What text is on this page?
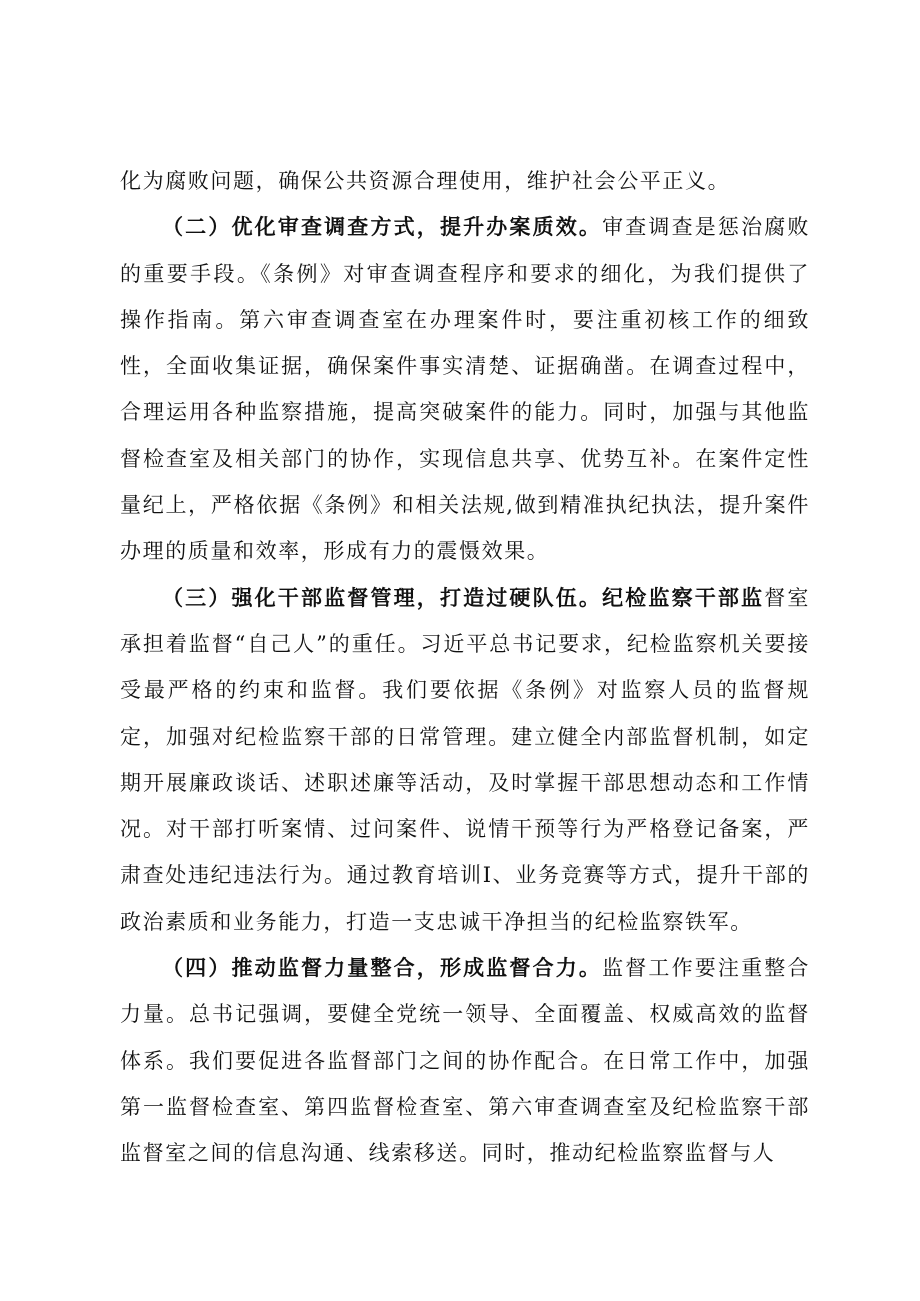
化为腐败问题，确保公共资源合理使用，维护社会公平正义。

（二）优化审查调查方式，提升办案质效。审查调查是惩治腐败的重要手段。《条例》对审查调查程序和要求的细化，为我们提供了操作指南。第六审查调查室在办理案件时，要注重初核工作的细致性，全面收集证据，确保案件事实清楚、证据确凿。在调查过程中，合理运用各种监察措施，提高突破案件的能力。同时，加强与其他监督检查室及相关部门的协作，实现信息共享、优势互补。在案件定性量纪上，严格依据《条例》和相关法规,做到精准执纪执法，提升案件办理的质量和效率，形成有力的震慑效果。

（三）强化干部监督管理，打造过硬队伍。纪检监察干部监督室承担着监督“自己人”的重任。习近平总书记要求，纪检监察机关要接受最严格的约束和监督。我们要依据《条例》对监察人员的监督规定，加强对纪检监察干部的日常管理。建立健全内部监督机制，如定期开展廉政谈话、述职述廉等活动，及时掌握干部思想动态和工作情况。对干部打听案情、过问案件、说情干预等行为严格登记备案，严肃查处违纪违法行为。通过教育培训I、业务竞赛等方式，提升干部的政治素质和业务能力，打造一支忠诚干净担当的纪检监察铁军。

（四）推动监督力量整合，形成监督合力。监督工作要注重整合力量。总书记强调，要健全党统一领导、全面覆盖、权威高效的监督体系。我们要促进各监督部门之间的协作配合。在日常工作中，加强第一监督检查室、第四监督检查室、第六审查调查室及纪检监察干部监督室之间的信息沟通、线索移送。同时，推动纪检监察监督与人
